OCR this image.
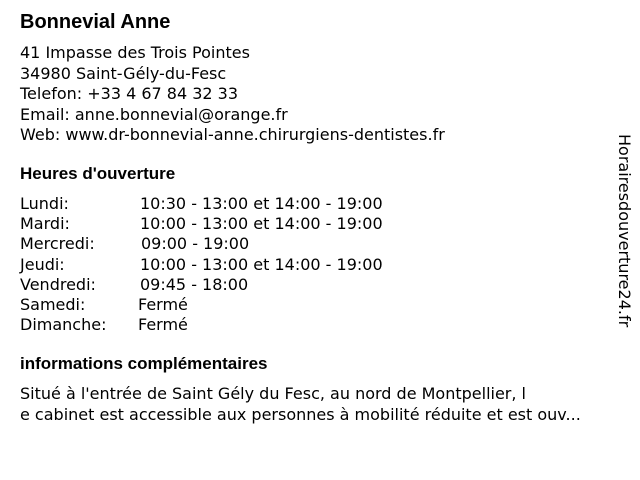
Bonnevial Anne
41 Impasse des Trois Pointes
34980 Saint-Gély-du-Fesc
Telefon: +33 4 67 84 32 33
Email: anne.bonnevial@orange.fr
Web: www.dr-bonnevial-anne.chirurgiens-dentistes.fr
Heures d'ouverture
Lundi:	10:30 - 13:00 et 14:00 - 19:00
Mardi:	10:00 - 13:00 et 14:00 - 19:00
Mercredi:	09:00 - 19:00
Jeudi:	10:00 - 13:00 et 14:00 - 19:00
Vendredi:	09:45 - 18:00
Samedi:	Fermé
Dimanche: Fermé
informations complémentaires
Situé à l'entrée de Saint Gély du Fesc, au nord de Montpellier, l
e cabinet est accessible aux personnes à mobilité réduite et est ouv...
Horairesdouverture24.fr
